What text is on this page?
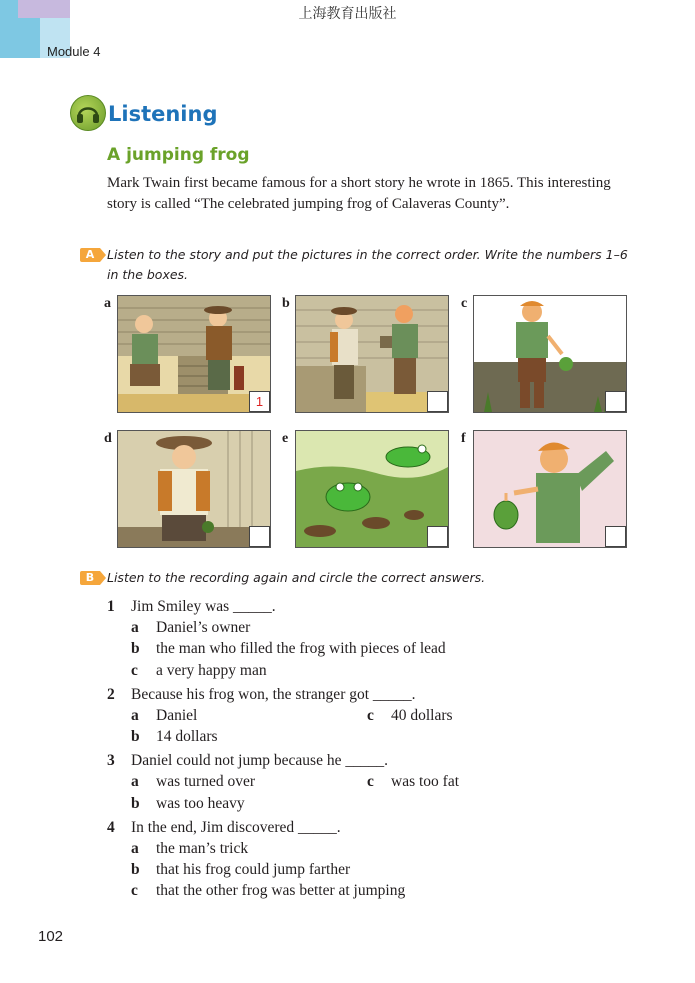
上海教育出版社
Module 4
Listening
A jumping frog
Mark Twain first became famous for a short story he wrote in 1865. This interesting story is called “The celebrated jumping frog of Calaveras County”.
A	Listen to the story and put the pictures in the correct order. Write the numbers 1–6
in the boxes.
a	b	c
d	e	f
1
B	Listen to the recording again and circle the correct answers.
1 Jim Smiley was _____.
a Daniel’s owner
b the man who filled the frog with pieces of lead
c a very happy man
2 Because his frog won, the stranger got _____.
a Daniel	c 40 dollars
b 14 dollars
3 Daniel could not jump because he _____.
a was turned over	c was too fat
b was too heavy
4 In the end, Jim discovered _____.
a the man’s trick
b that his frog could jump farther
c that the other frog was better at jumping
102
